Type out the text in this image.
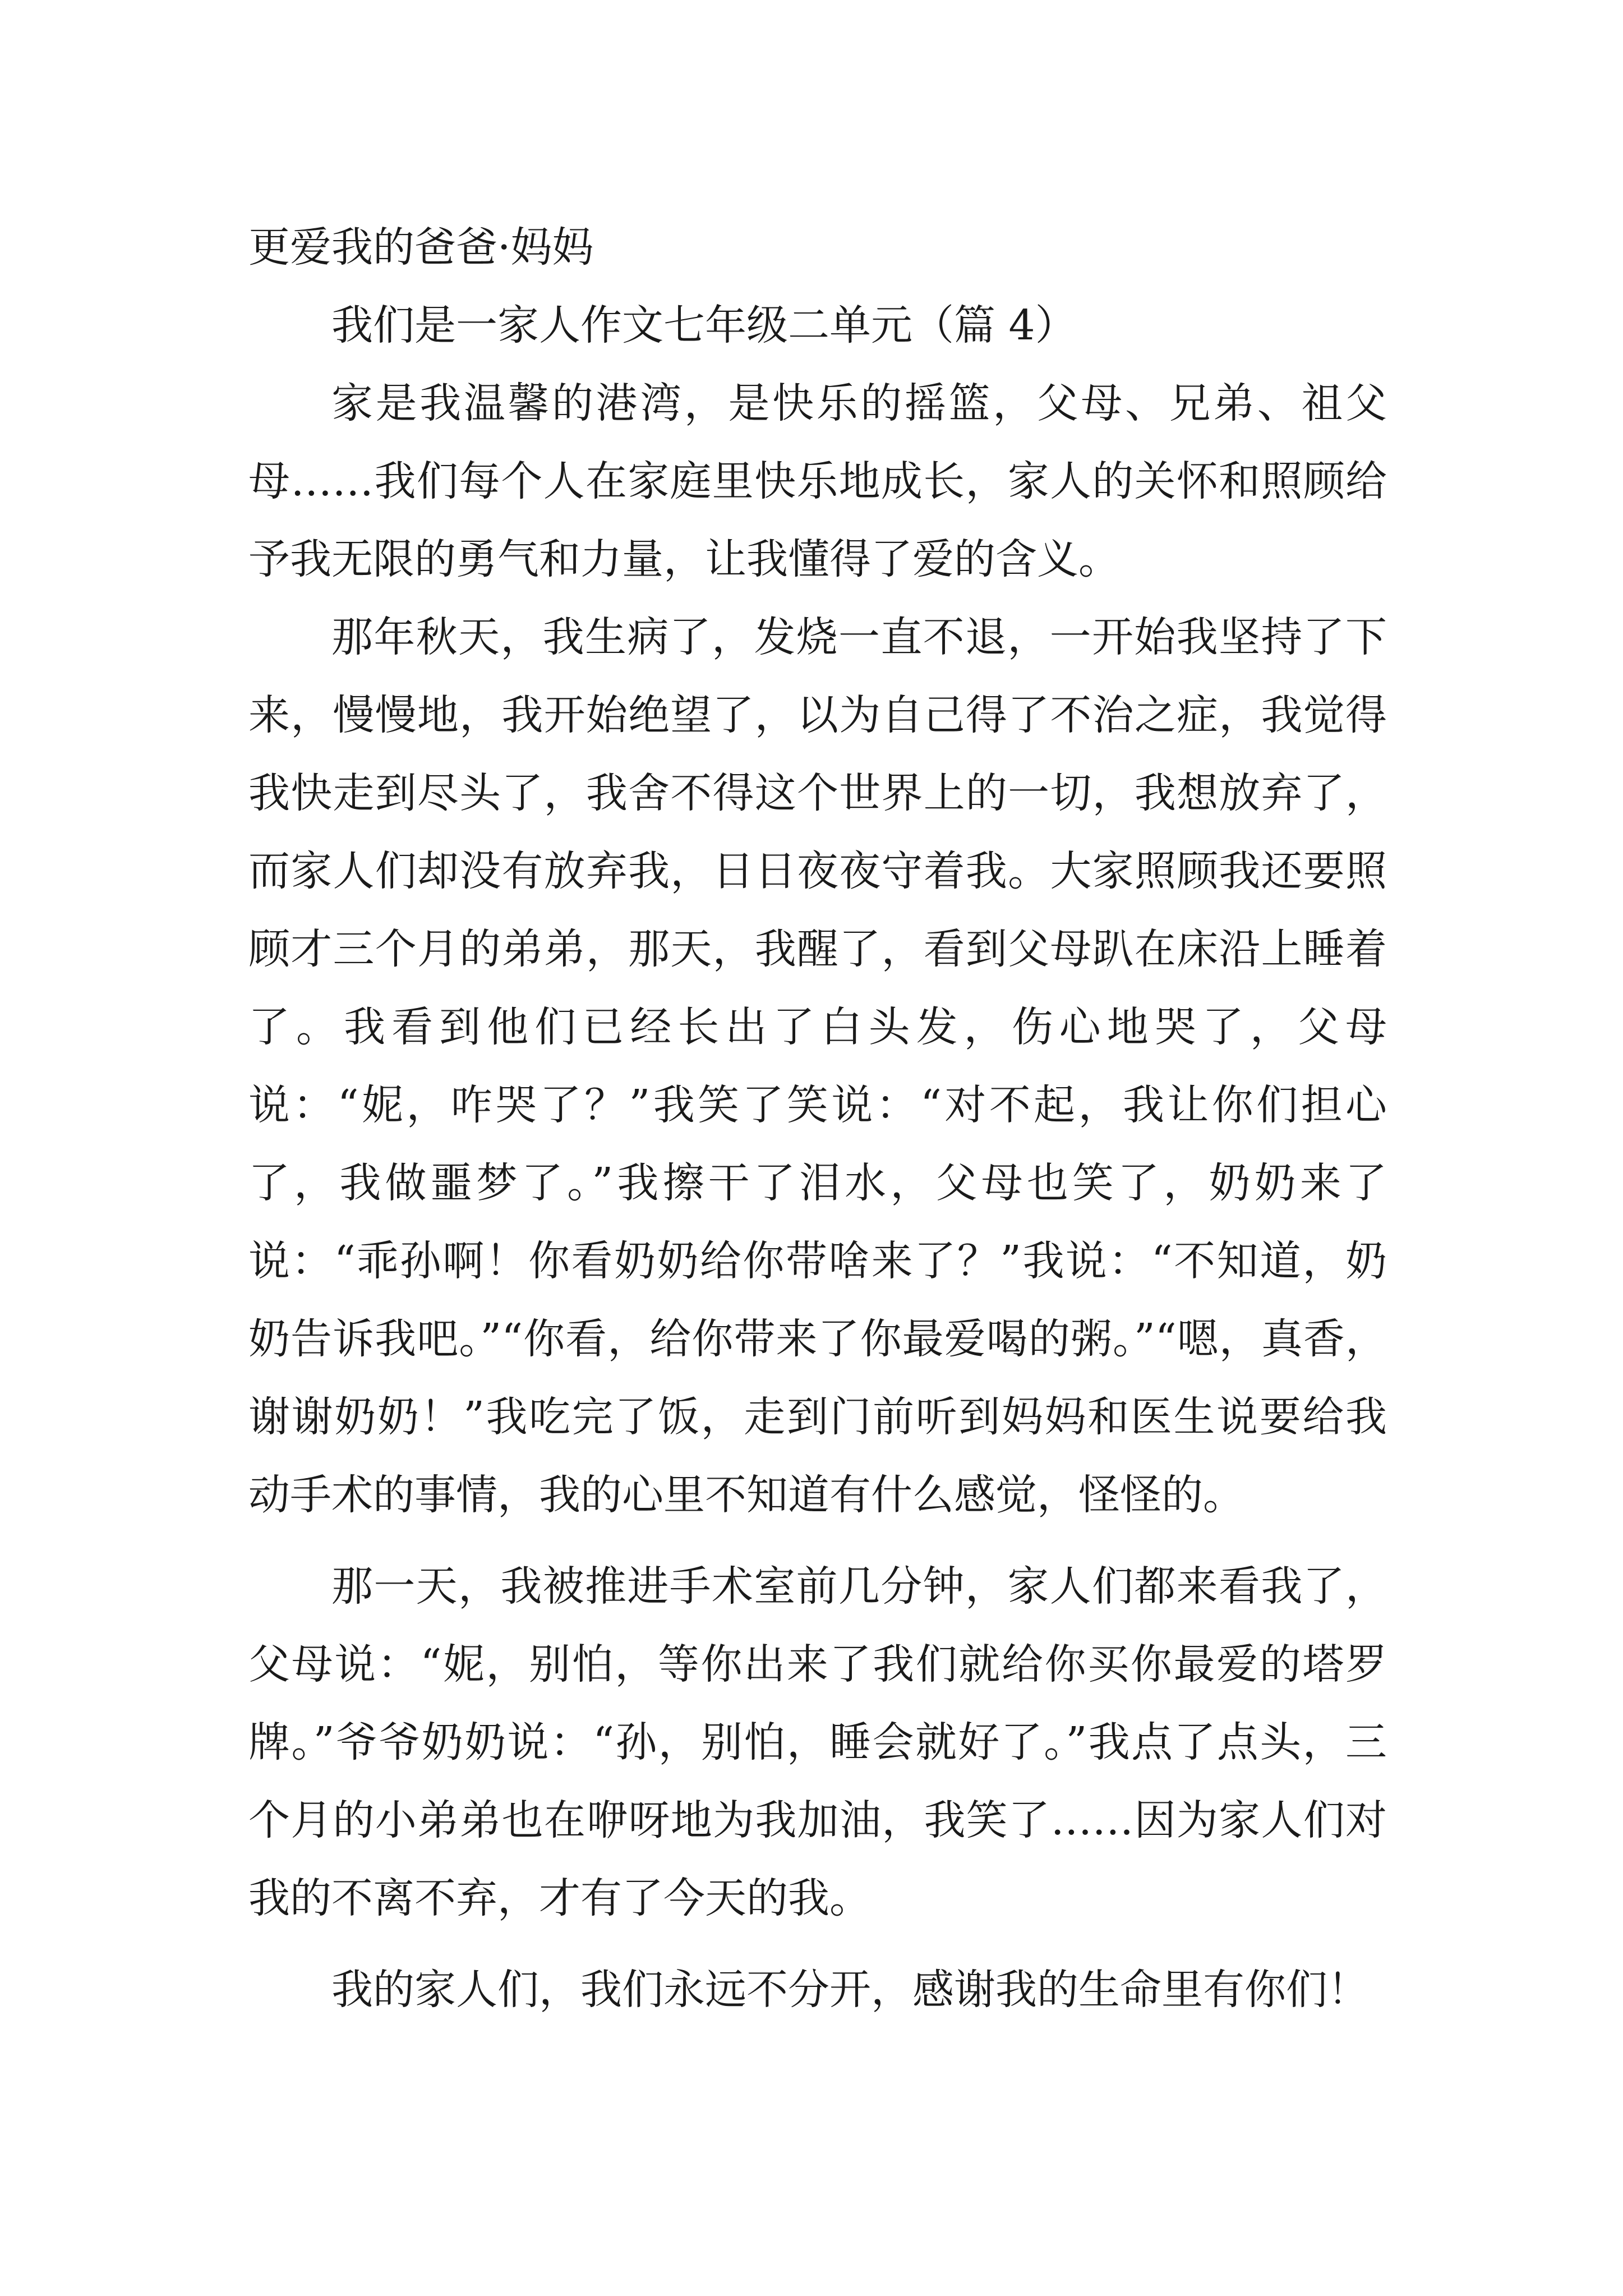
更爱我的爸爸·妈妈

我们是一家人作文七年级二单元（篇 4）

家是我温馨的港湾，是快乐的摇篮，父母、兄弟、祖父母……我们每个人在家庭里快乐地成长，家人的关怀和照顾给予我无限的勇气和力量，让我懂得了爱的含义。

那年秋天，我生病了，发烧一直不退，一开始我坚持了下来，慢慢地，我开始绝望了，以为自己得了不治之症，我觉得我快走到尽头了，我舍不得这个世界上的一切，我想放弃了，而家人们却没有放弃我，日日夜夜守着我。大家照顾我还要照顾才三个月的弟弟，那天，我醒了，看到父母趴在床沿上睡着了。我看到他们已经长出了白头发，伤心地哭了，父母说：“妮，咋哭了？”我笑了笑说：“对不起，我让你们担心了，我做噩梦了。”我擦干了泪水，父母也笑了，奶奶来了说：“乖孙啊！你看奶奶给你带啥来了？”我说：“不知道，奶奶告诉我吧。”“你看，给你带来了你最爱喝的粥。”“嗯，真香，谢谢奶奶！”我吃完了饭，走到门前听到妈妈和医生说要给我动手术的事情，我的心里不知道有什么感觉，怪怪的。

那一天，我被推进手术室前几分钟，家人们都来看我了，父母说：“妮，别怕，等你出来了我们就给你买你最爱的塔罗牌。”爷爷奶奶说：“孙，别怕，睡会就好了。”我点了点头，三个月的小弟弟也在咿呀地为我加油，我笑了……因为家人们对我的不离不弃，才有了今天的我。

我的家人们，我们永远不分开，感谢我的生命里有你们！
